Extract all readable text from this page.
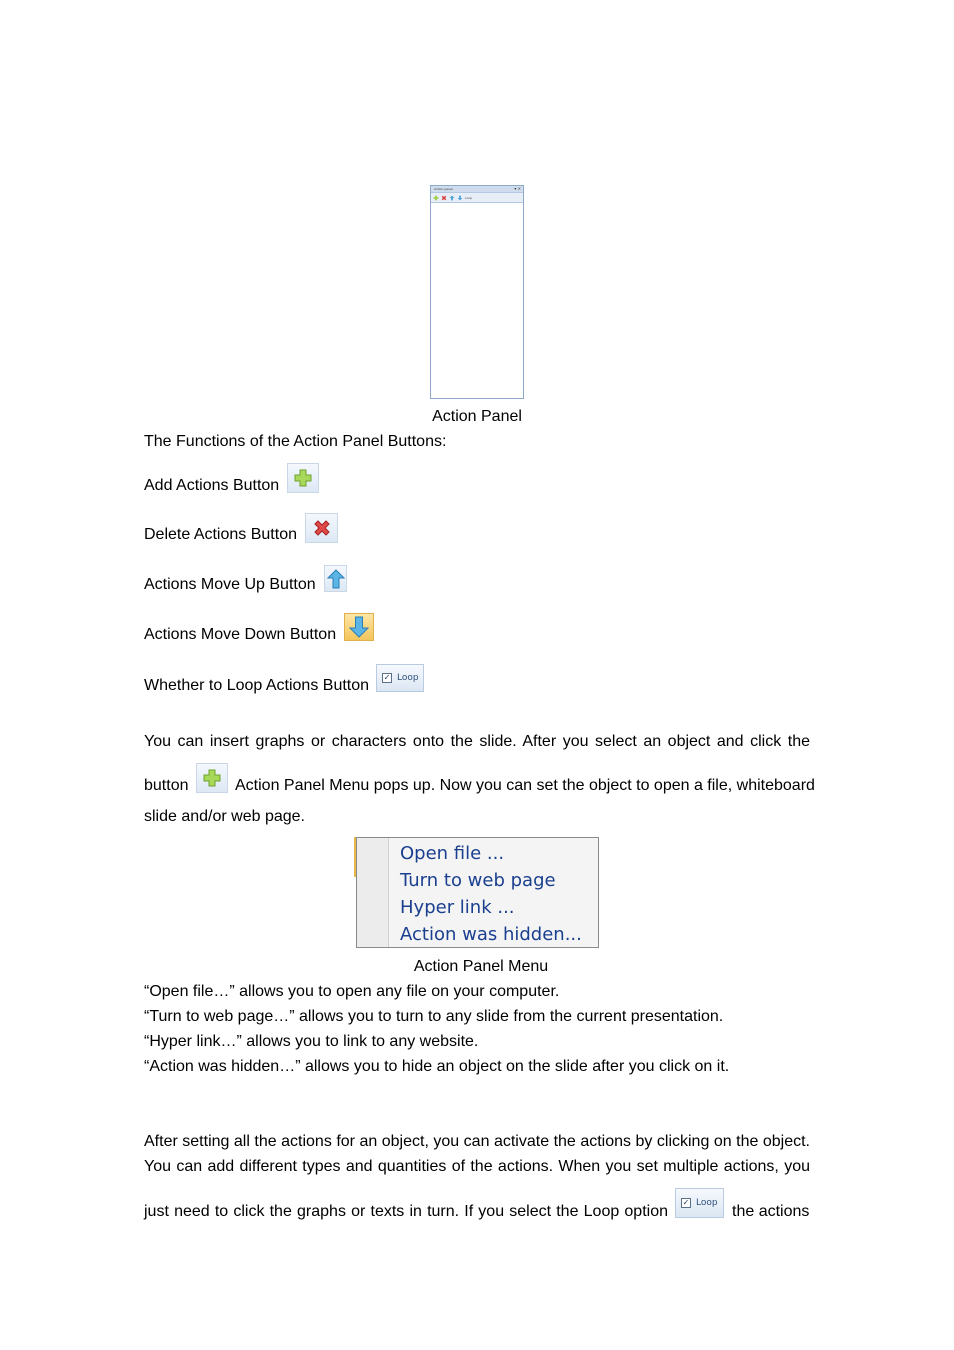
Action panel	▾ ×
Loop
Action Panel
The Functions of the Action Panel Buttons:
Add Actions Button
Delete Actions Button
Actions Move Up Button
Actions Move Down Button
Whether to Loop Actions Button ✓ Loop
You can insert graphs or characters onto the slide. After you select an object and click the
button	Action Panel Menu pops up. Now you can set the object to open a file, whiteboard
slide and/or web page.
Open file ...
Turn to web page
Hyper link ...
Action was hidden...
Action Panel Menu
“Open file…” allows you to open any file on your computer.
“Turn to web page…” allows you to turn to any slide from the current presentation.
“Hyper link…” allows you to link to any website.
“Action was hidden…” allows you to hide an object on the slide after you click on it.
After setting all the actions for an object, you can activate the actions by clicking on the object.
You can add different types and quantities of the actions. When you set multiple actions, you
just need to click the graphs or texts in turn. If you select the Loop option
✓ Loop the actions
